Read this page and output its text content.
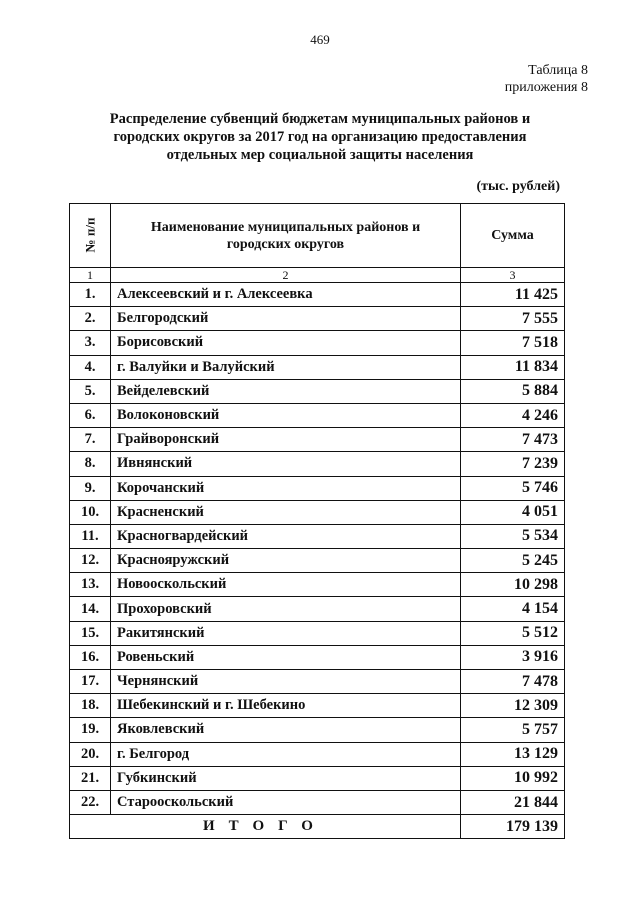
469
Таблица 8
приложения 8
Распределение субвенций бюджетам муниципальных районов и
городских округов за 2017 год на организацию предоставления
отдельных мер социальной защиты населения
(тыс. рублей)
№ п/п	Наименование муниципальных районов и
городских округов	Сумма
1	2	3
1.	Алексеевский и г. Алексеевка	11 425
2.	Белгородский	7 555
3.	Борисовский	7 518
4.	г. Валуйки и Валуйский	11 834
5.	Вейделевский	5 884
6.	Волоконовский	4 246
7.	Грайворонский	7 473
8.	Ивнянский	7 239
9.	Корочанский	5 746
10.	Красненский	4 051
11.	Красногвардейский	5 534
12.	Краснояружский	5 245
13.	Новооскольский	10 298
14.	Прохоровский	4 154
15.	Ракитянский	5 512
16.	Ровеньский	3 916
17.	Чернянский	7 478
18.	Шебекинский и г. Шебекино	12 309
19.	Яковлевский	5 757
20.	г. Белгород	13 129
21.	Губкинский	10 992
22.	Старооскольский	21 844
ИТОГО		179 139
